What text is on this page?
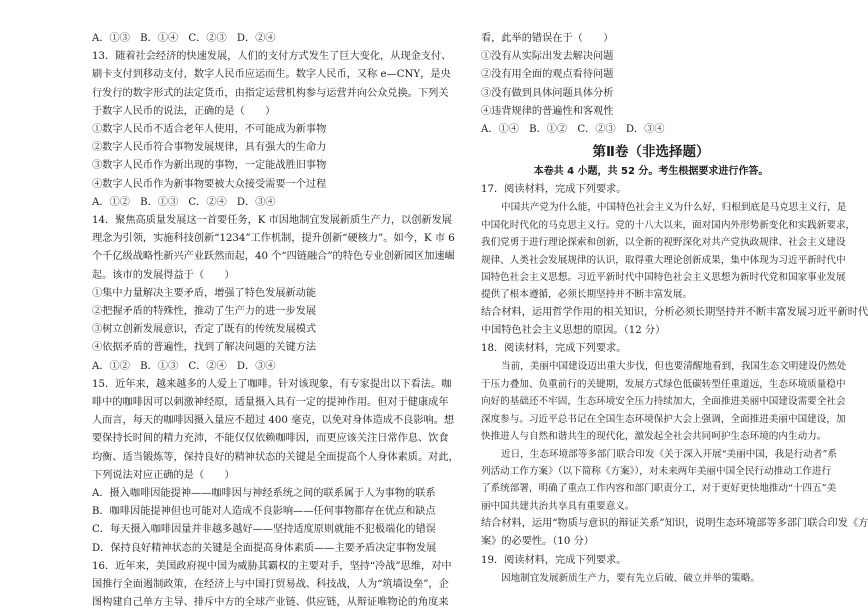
A．①③　B．①④　C．②③　D．②④
13．随着社会经济的快速发展，人们的支付方式发生了巨大变化，从现金支付、
刷卡支付到移动支付，数字人民币应运而生。数字人民币，又称 e—CNY，是央
行发行的数字形式的法定货币，由指定运营机构参与运营并向公众兑换。下列关
于数字人民币的说法，正确的是（　　）
①数字人民币不适合老年人使用，不可能成为新事物
②数字人民币符合事物发展规律，具有强大的生命力
③数字人民币作为新出现的事物，一定能战胜旧事物
④数字人民币作为新事物要被大众接受需要一个过程
A．①②　B．①③　C．②④　D．③④
14．聚焦高质量发展这一首要任务，K 市因地制宜发展新质生产力，以创新发展
理念为引领，实施科技创新“1234”工作机制，提升创新“硬核力”。如今，K 市 6
个千亿级战略性新兴产业跃然而起，40 个“四链融合”的特色专业创新园区加速崛
起。该市的发展得益于（　　）
①集中力量解决主要矛盾，增强了特色发展新动能
②把握矛盾的特殊性，推动了生产力的进一步发展
③树立创新发展意识，否定了既有的传统发展模式
④依据矛盾的普遍性，找到了解决问题的关键方法
A．①②　B．①③　C．②④　D．③④
15．近年来，越来越多的人爱上了咖啡。针对该现象，有专家提出以下看法。咖
啡中的咖啡因可以刺激神经原，适量摄入具有一定的提神作用。但对于健康成年
人而言，每天的咖啡因摄入量应不超过 400 毫克，以免对身体造成不良影响。想
要保持长时间的精力充沛，不能仅仅依赖咖啡因，而更应该关注日常作息、饮食
均衡、适当锻炼等，保持良好的精神状态的关键是全面提高个人身体素质。对此，
下列说法对应正确的是（　　）
A．摄入咖啡因能提神——咖啡因与神经系统之间的联系属于人为事物的联系
B．咖啡因能提神但也可能对人造成不良影响——任何事物都存在优点和缺点
C．每天摄入咖啡因量并非越多越好——坚持适度原则就能不犯极端化的错误
D．保持良好精神状态的关键是全面提高身体素质——主要矛盾决定事物发展
16．近年来，美国政府视中国为威胁其霸权的主要对手，坚持“冷战”思维，对中
国推行全面遏制政策，在经济上与中国打贸易战、科技战，人为“筑墙设垒”，企
图构建自己单方主导、排斥中方的全球产业链、供应链，从辩证唯物论的角度来
看，此举的错误在于（　　）
①没有从实际出发去解决问题
②没有用全面的观点看待问题
③没有做到具体问题具体分析
④违背规律的普遍性和客观性
A．①④　B．①②　C．②③　D．③④
第Ⅱ卷（非选择题）
本卷共 4 小题，共 52 分。考生根据要求进行作答。
17．阅读材料，完成下列要求。
中国共产党为什么能，中国特色社会主义为什么好，归根到底是马克思主义行，是
中国化时代化的马克思主义行。党的十八大以来，面对国内外形势新变化和实践新要求，
我们党勇于进行理论探索和创新，以全新的视野深化对共产党执政规律、社会主义建设
规律、人类社会发展规律的认识，取得重大理论创新成果，集中体现为习近平新时代中
国特色社会主义思想。习近平新时代中国特色社会主义思想为新时代党和国家事业发展
提供了根本遵循，必须长期坚持并不断丰富发展。
结合材料，运用哲学作用的相关知识，分析必须长期坚持并不断丰富发展习近平新时代
中国特色社会主义思想的原因。（12 分）
18．阅读材料，完成下列要求。
当前，美丽中国建设迈出重大步伐，但也要清醒地看到，我国生态文明建设仍然处
于压力叠加、负重前行的关键期，发展方式绿色低碳转型任重道远，生态环境质量稳中
向好的基础还不牢固，生态环境安全压力持续加大，全面推进美丽中国建设需要全社会
深度参与。习近平总书记在全国生态环境保护大会上强调，全面推进美丽中国建设，加
快推进人与自然和谐共生的现代化，激发起全社会共同呵护生态环境的内生动力。
近日，生态环境部等多部门联合印发《关于深入开展“美丽中国，我是行动者”系
列活动工作方案》（以下简称《方案》），对未来两年美丽中国全民行动推动工作进行
了系统部署，明确了重点工作内容和部门职责分工，对于更好更快地推动“十四五”美
丽中国共建共治共享具有重要意义。
结合材料，运用“物质与意识的辩证关系”知识，说明生态环境部等多部门联合印发《方
案》的必要性。（10 分）
19．阅读材料，完成下列要求。
因地制宜发展新质生产力，要有先立后破、破立并举的策略。
